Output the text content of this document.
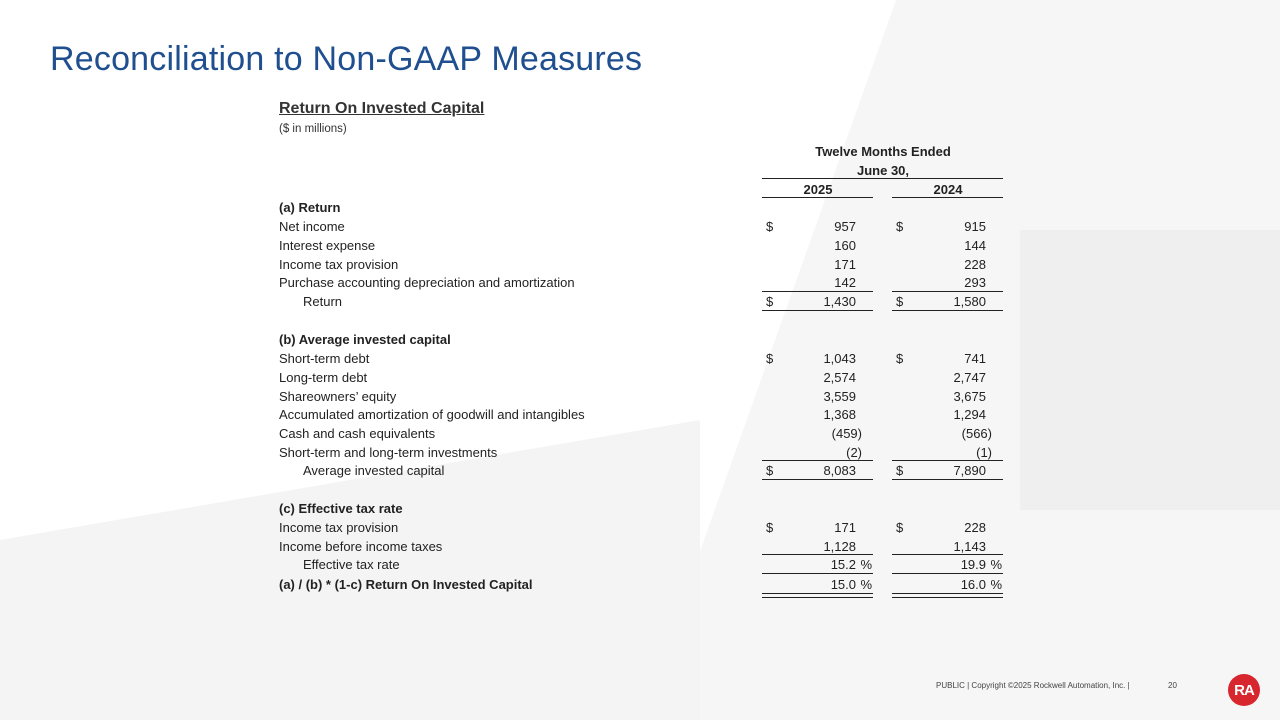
Reconciliation to Non-GAAP Measures
Return On Invested Capital
($ in millions)
Twelve Months Ended
June 30,
2025	2024
(a) Return
Net income	$	957	$	915
Interest expense	160	144
Income tax provision	171	228
Purchase accounting depreciation and amortization	142	293
Return	$	1,430	$	1,580
(b) Average invested capital
Short-term debt	$	1,043	$	741
Long-term debt	2,574	2,747
Shareowners’ equity	3,559	3,675
Accumulated amortization of goodwill and intangibles	1,368	1,294
Cash and cash equivalents	(459)	(566)
Short-term and long-term investments	(2)	(1)
Average invested capital	$	8,083	$	7,890
(c) Effective tax rate
Income tax provision	$	171	$	228
Income before income taxes	1,128	1,143
Effective tax rate	15.2 %	19.9 %
(a) / (b) * (1-c) Return On Invested Capital	15.0 %	16.0 %
PUBLIC | Copyright ©2025 Rockwell Automation, Inc. |	20	RA
